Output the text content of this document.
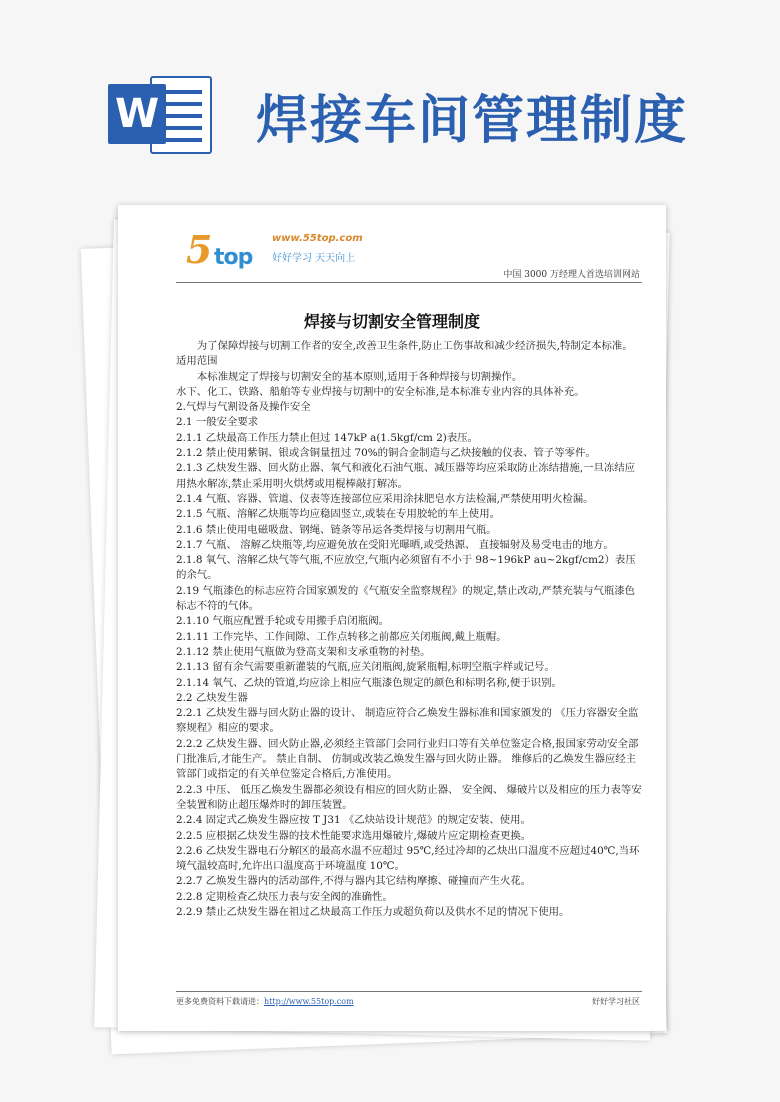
W 焊接车间管理制度
5 top
www.55top.com
好好学习 天天向上
中国 3000 万经理人首选培训网站
焊接与切割安全管理制度

为了保障焊接与切割工作者的安全,改善卫生条件,防止工伤事故和减少经济损失,特制定本标准。

适用范围

本标准规定了焊接与切割安全的基本原则,适用于各种焊接与切割操作。

水下、化工、铁路、船舶等专业焊接与切割中的安全标准,是本标准专业内容的具体补充。

2.气焊与气割设备及操作安全

2.1 一般安全要求

2.1.1 乙炔最高工作压力禁止但过 147kP a(1.5kgf/cm 2)表压。

2.1.2 禁止使用紫铜、银或含铜量扭过 70%的铜合金制造与乙炔接触的仪表、管子等零件。

2.1.3 乙炔发生器、回火防止器、氧气和液化石油气瓶、减压器等均应采取防止冻结措施,一旦冻结应用热水解冻,禁止采用明火烘烤或用棍棒敲打解冻。

2.1.4 气瓶、容器、管道、仪表等连接部位应采用涂抹肥皂水方法检漏,严禁使用明火检漏。

2.1.5 气瓶、溶解乙炔瓶等均应稳固竖立,或装在专用胶轮的车上使用。

2.1.6 禁止使用电磁吸盘、钢绳、链条等吊运各类焊接与切割用气瓶。

2.1.7 气瓶、 溶解乙炔瓶等,均应避免放在受阳光曝晒,或受热源、 直接辐射及易受电击的地方。

2.1.8 氧气、溶解乙炔气等气瓶,不应放空,气瓶内必须留有不小于 98~196kP au~2kgf/cm2）表压的余气。

2.19 气瓶漆色的标志应符合国家颁发的《气瓶安全监察规程》的规定,禁止改动,严禁充装与气瓶漆色标志不符的气体。

2.1.10 气瓶应配置手轮或专用搬手启闭瓶阀。

2.1.11 工作完毕、工作间隙、工作点转移之前都应关闭瓶阀,戴上瓶帽。

2.1.12 禁止使用气瓶做为登高支架和支承重物的衬垫。

2.1.13 留有余气需要重新灌装的气瓶,应关闭瓶阀,旋紧瓶帽,标明空瓶字样或记号。

2.1.14 氧气、乙炔的管道,均应涂上相应气瓶漆色规定的颜色和标明名称,便于识别。

2.2 乙炔发生器

2.2.1 乙炔发生器与回火防止器的设计、 制造应符合乙焕发生器标准和国家颁发的 《压力容器安全监察规程》相应的要求。

2.2.2 乙炔发生器、回火防止器,必须经主管部门会同行业归口等有关单位鉴定合格,报国家劳动安全部门批准后,才能生产。 禁止自制、 仿制或改装乙焕发生器与回火防止器。 维修后的乙焕发生器应经主管部门或指定的有关单位鉴定合格后,方准使用。

2.2.3 中压、 低压乙焕发生器都必须设有相应的回火防止器、 安全阀、 爆破片以及相应的压力表等安全装置和防止超压爆炸时的卸压装置。

2.2.4 固定式乙焕发生器应按 T J31 《乙炔站设计规范》的规定安装、使用。

2.2.5 应根据乙炔发生器的技术性能要求选用爆破片,爆破片应定期检查更换。

2.2.6 乙炔发生器电石分解区的最高水温不应超过 95℃,经过冷却的乙炔出口温度不应超过40℃,当环境气温较高时,允许出口温度高于环境温度 10℃。

2.2.7 乙焕发生器内的活动部件,不得与器内其它结构摩擦、碰撞而产生火花。

2.2.8 定期检查乙炔压力表与安全阀的准确性。

2.2.9 禁止乙炔发生器在祖过乙炔最高工作压力或超负荷以及供水不足的情况下使用。

更多免费资料下载请进：http://www.55top.com	好好学习社区
